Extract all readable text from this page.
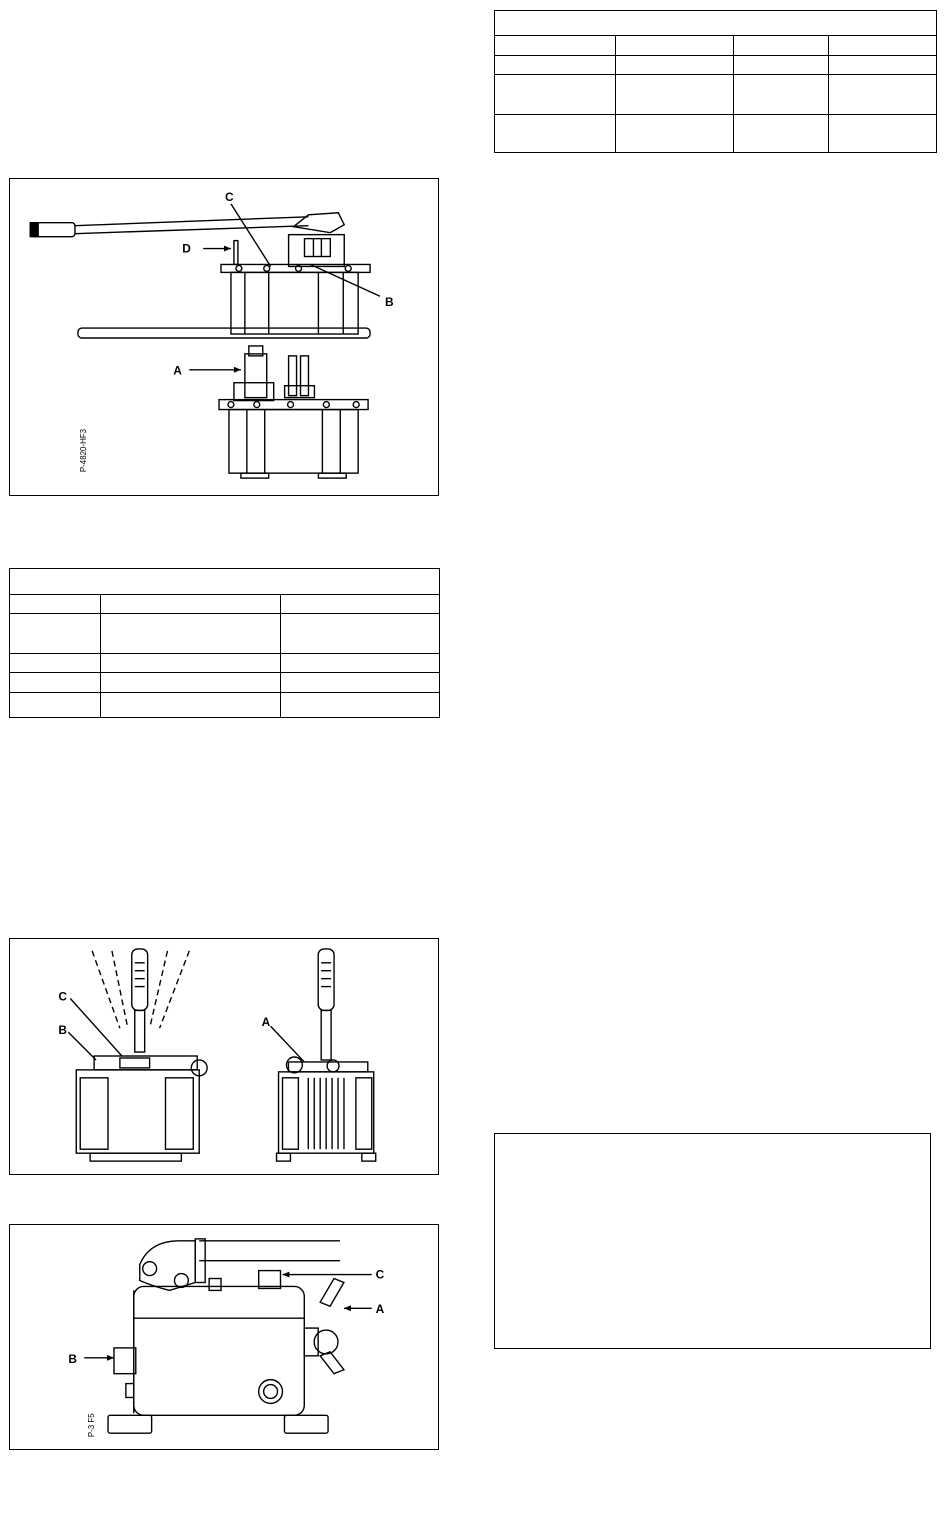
C
D
B
A
P-4820-HF3

C
B
A
C
A
B
P-3 F5
